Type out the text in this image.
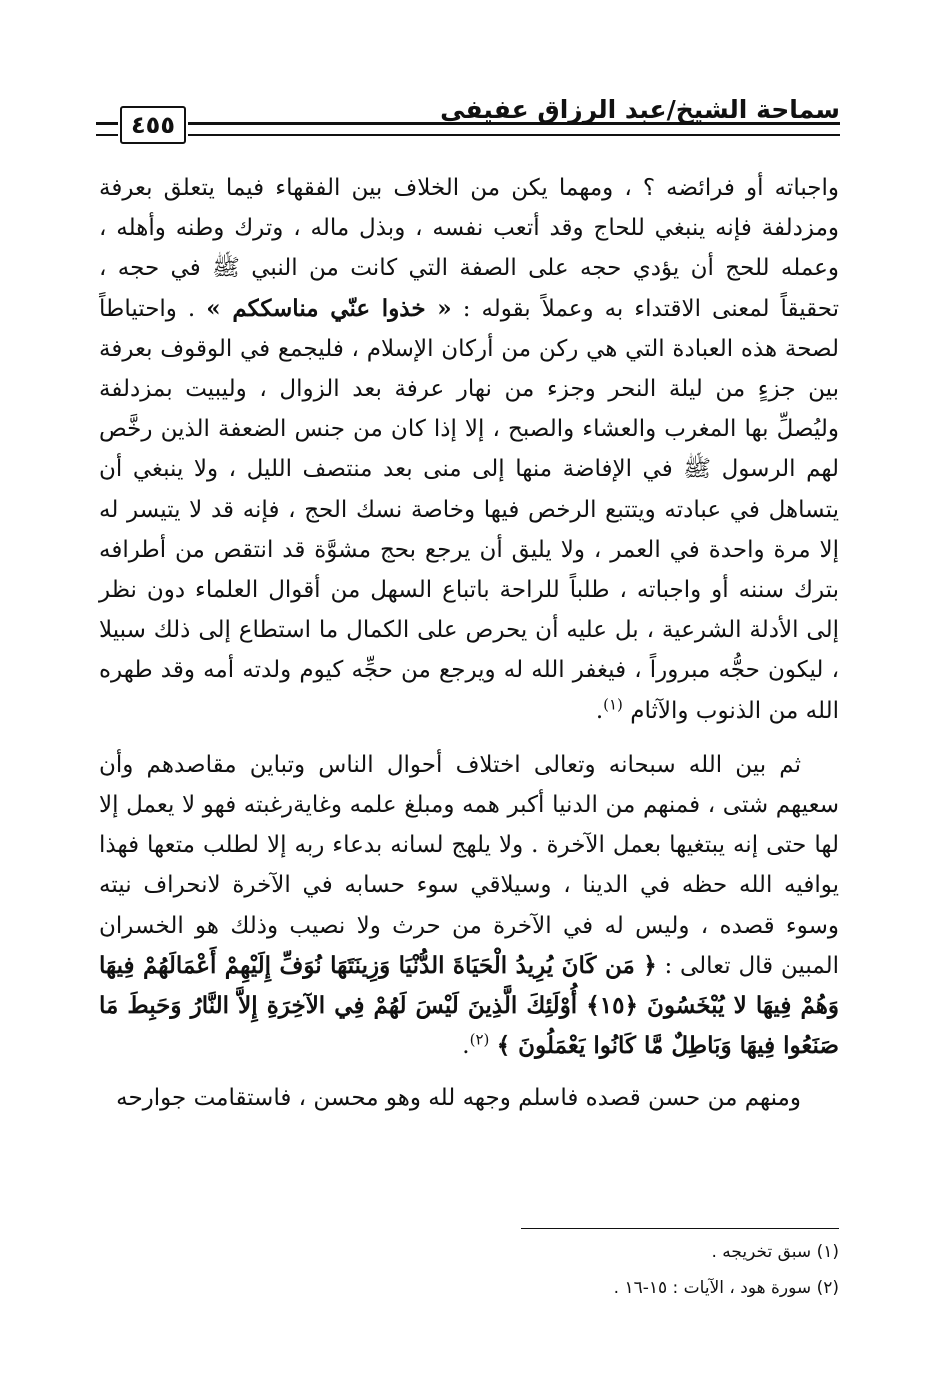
سماحة الشيخ/عبد الرزاق عفيفي
٤٥٥

واجباته أو فرائضه ؟ ، ومهما يكن من الخلاف بين الفقهاء فيما يتعلق بعرفة ومزدلفة فإنه ينبغي للحاج وقد أتعب نفسه ، وبذل ماله ، وترك وطنه وأهله ، وعمله للحج أن يؤدي حجه على الصفة التي كانت من النبي ﷺ في حجه ، تحقيقاً لمعنى الاقتداء به وعملاً بقوله : « خذوا عنّي مناسككم » . واحتياطاً لصحة هذه العبادة التي هي ركن من أركان الإسلام ، فليجمع في الوقوف بعرفة بين جزءٍ من ليلة النحر وجزء من نهار عرفة بعد الزوال ، وليبيت بمزدلفة وليُصلِّ بها المغرب والعشاء والصبح ، إلا إذا كان من جنس الضعفة الذين رخَّص لهم الرسول ﷺ في الإفاضة منها إلى منى بعد منتصف الليل ، ولا ينبغي أن يتساهل في عبادته ويتتبع الرخص فيها وخاصة نسك الحج ، فإنه قد لا يتيسر له إلا مرة واحدة في العمر ، ولا يليق أن يرجع بحج مشوَّة قد انتقص من أطرافه بترك سننه أو واجباته ، طلباً للراحة باتباع السهل من أقوال العلماء دون نظر إلى الأدلة الشرعية ، بل عليه أن يحرص على الكمال ما استطاع إلى ذلك سبيلا ، ليكون حجُّه مبروراً ، فيغفر الله له ويرجع من حجِّه كيوم ولدته أمه وقد طهره الله من الذنوب والآثام $^{(١)}$.

ثم بين الله سبحانه وتعالى اختلاف أحوال الناس وتباين مقاصدهم وأن سعيهم شتى ، فمنهم من الدنيا أكبر همه ومبلغ علمه وغايةرغبته فهو لا يعمل إلا لها حتى إنه يبتغيها بعمل الآخرة . ولا يلهج لسانه بدعاء ربه إلا لطلب متعها فهذا يوافيه الله حظه في الدينا ، وسيلاقي سوء حسابه في الآخرة لانحراف نيته وسوء قصده ، وليس له في الآخرة من حرث ولا نصيب وذلك هو الخسران المبين قال تعالى : ﴿ مَن كَانَ يُرِيدُ الْحَيَاةَ الدُّنْيَا وَزِينَتَهَا نُوَفِّ إِلَيْهِمْ أَعْمَالَهُمْ فِيهَا وَهُمْ فِيهَا لا يُبْخَسُونَ ﴿١٥﴾ أُوْلَئِكَ الَّذِينَ لَيْسَ لَهُمْ فِي الآخِرَةِ إِلاَّ النَّارُ وَحَبِطَ مَا صَنَعُوا فِيهَا وَبَاطِلٌ مَّا كَانُوا يَعْمَلُونَ ﴾ $^{(٢)}$.

ومنهم من حسن قصده فاسلم وجهه لله وهو محسن ، فاستقامت جوارحه

(١) سبق تخريجه .

(٢) سورة هود ، الآيات : ١٥-١٦ .
